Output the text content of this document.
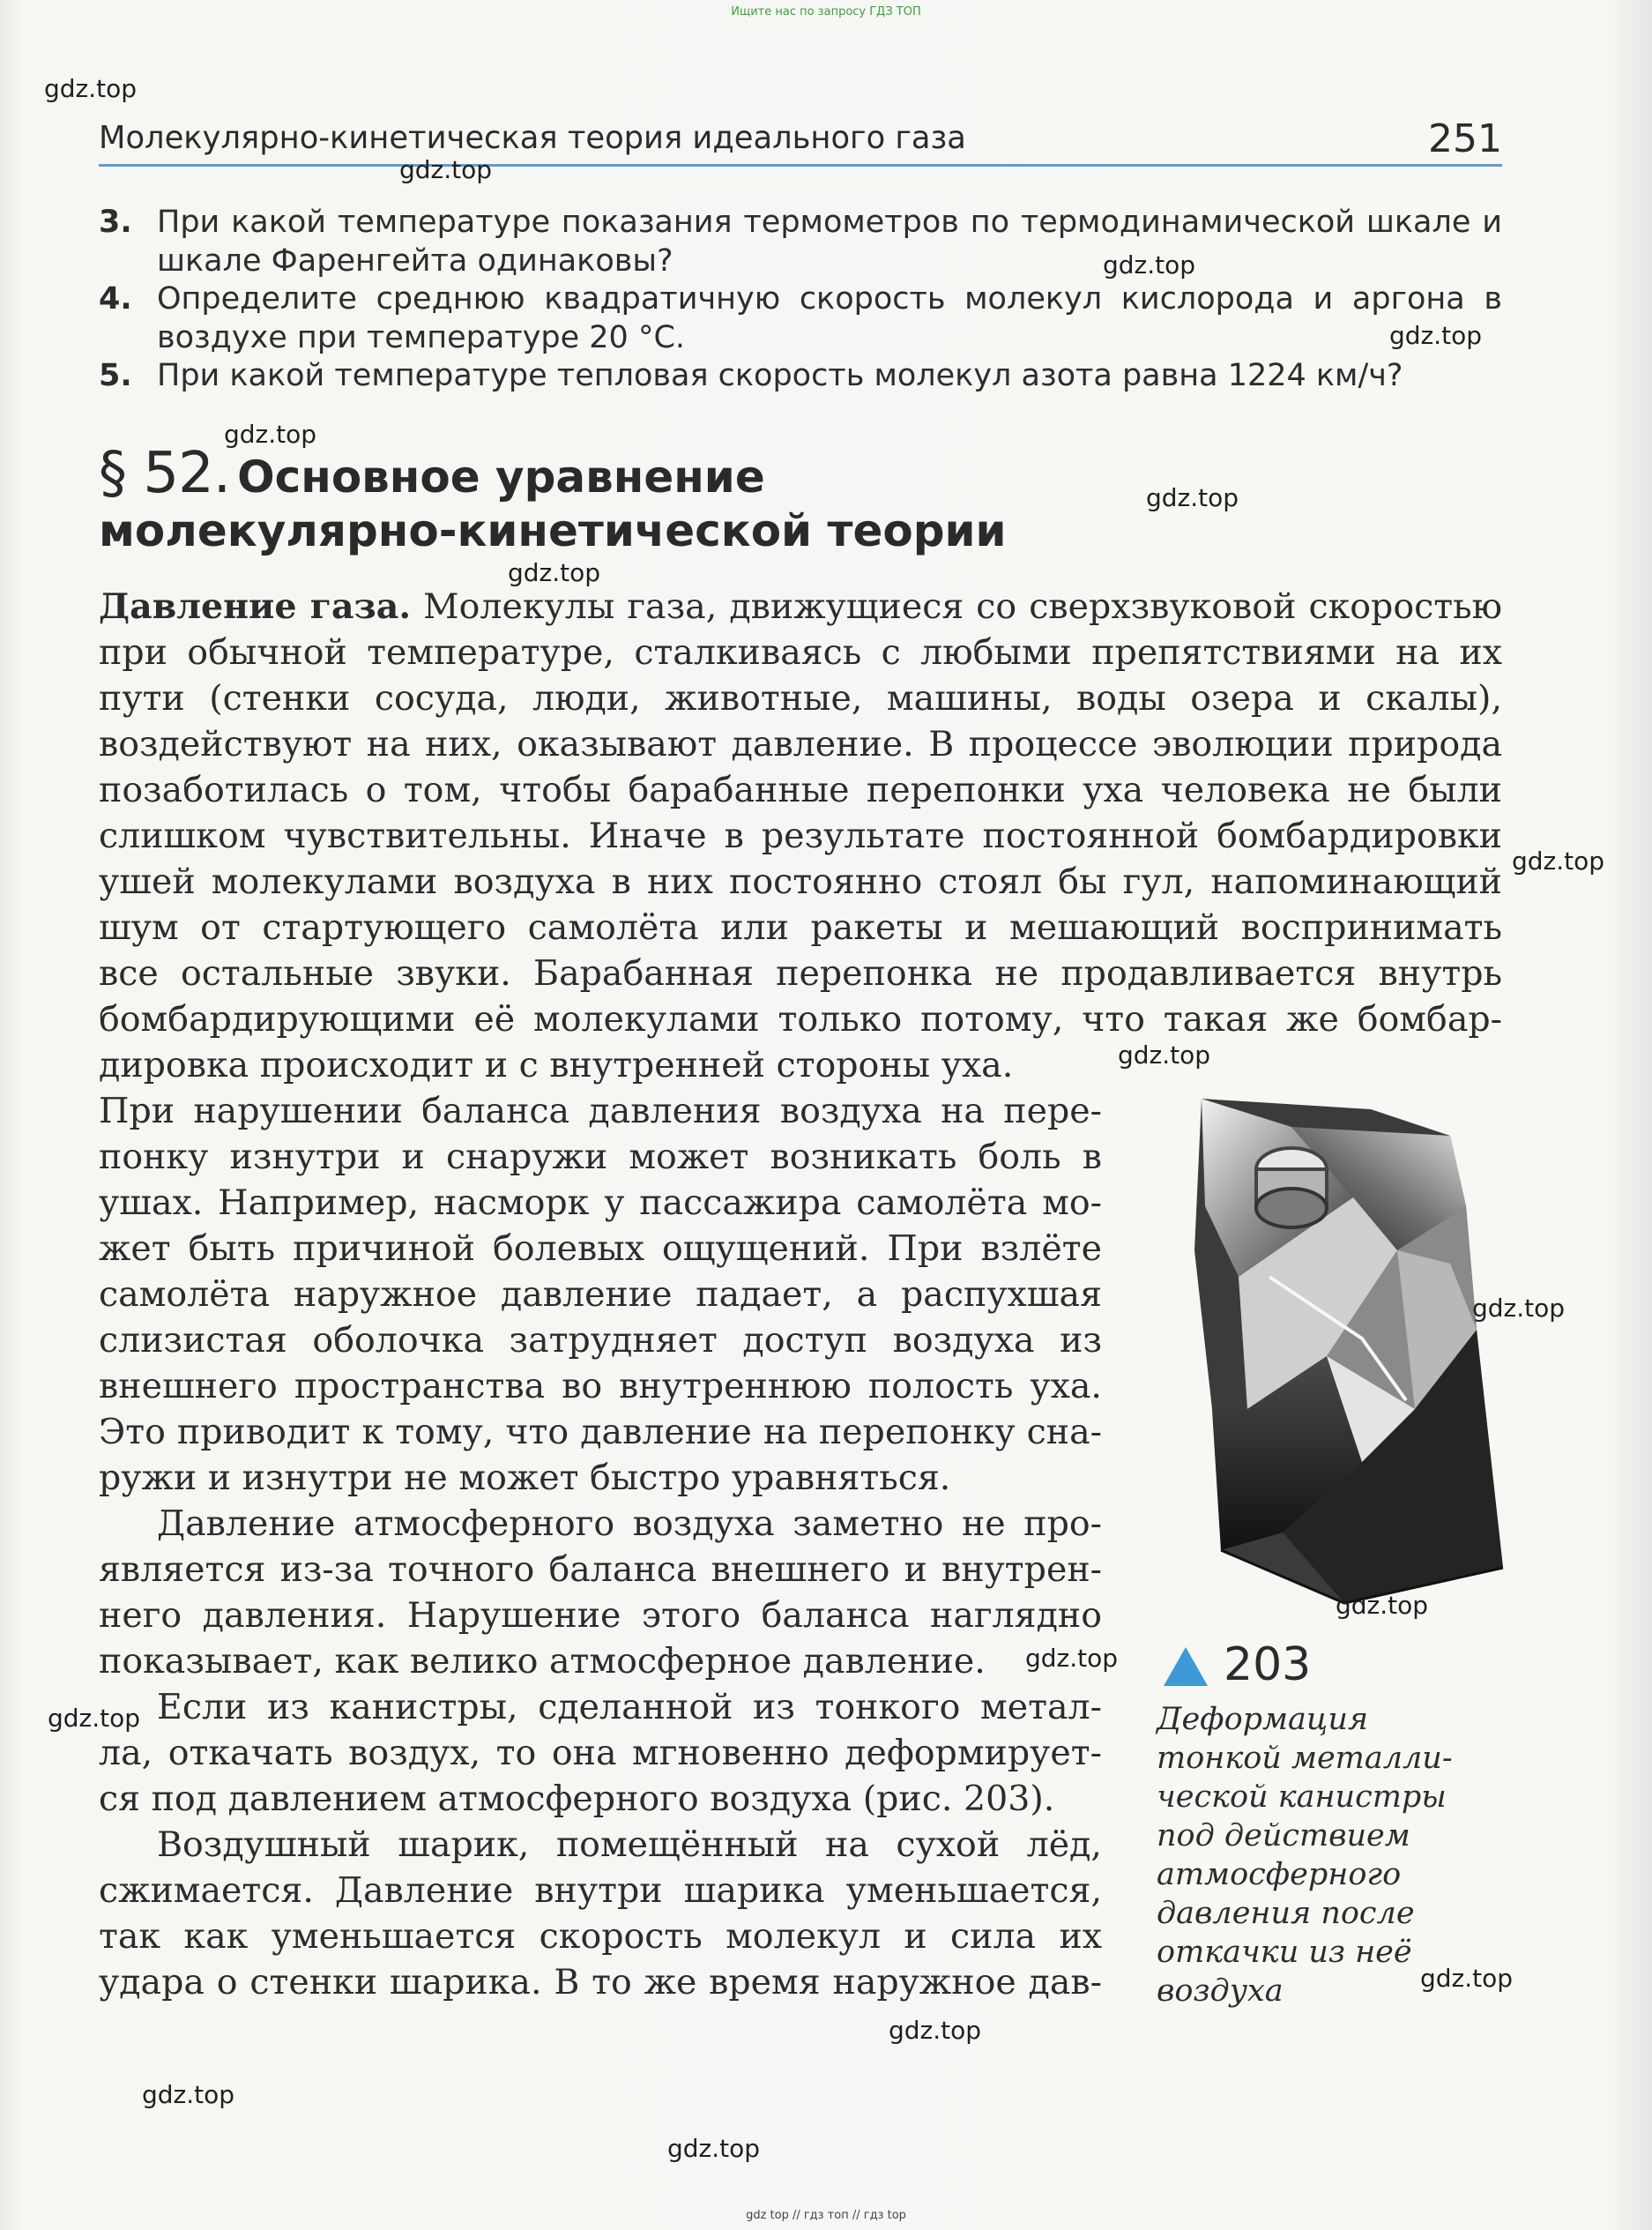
Ищите нас по запросу ГДЗ ТОП
Молекулярно-кинетическая теория идеального газа	251
3. При какой температуре показания термометров по термодинамической шкале и шкале Фаренгейта одинаковы?
4. Определите среднюю квадратичную скорость молекул кислорода и аргона в воздухе при температуре 20 °С.
5. При какой температуре тепловая скорость молекул азота равна 1224 км/ч?
§ 52. Основное уравнение
молекулярно-кинетической теории
Давление газа. Молекулы газа, движущиеся со сверхзвуковой скоростью
при обычной температуре, сталкиваясь с любыми препятствиями на их
пути (стенки сосуда, люди, животные, машины, воды озера и скалы),
воздействуют на них, оказывают давление. В процессе эволюции природа
позаботилась о том, чтобы барабанные перепонки уха человека не были
слишком чувствительны. Иначе в результате постоянной бомбардировки
ушей молекулами воздуха в них постоянно стоял бы гул, напоминающий
шум от стартующего самолёта или ракеты и мешающий воспринимать
все остальные звуки. Барабанная перепонка не продавливается внутрь
бомбардирующими её молекулами только потому, что такая же бомбар-
дировка происходит и с внутренней стороны уха.
При нарушении баланса давления воздуха на пере-
понку изнутри и снаружи может возникать боль в
ушах. Например, насморк у пассажира самолёта мо-
жет быть причиной болевых ощущений. При взлёте
самолёта наружное давление падает, а распухшая
слизистая оболочка затрудняет доступ воздуха из
внешнего пространства во внутреннюю полость уха.
Это приводит к тому, что давление на перепонку сна-
ружи и изнутри не может быстро уравняться.
Давление атмосферного воздуха заметно не про-
является из-за точного баланса внешнего и внутрен-
него давления. Нарушение этого баланса наглядно
показывает, как велико атмосферное давление.
Если из канистры, сделанной из тонкого метал-
ла, откачать воздух, то она мгновенно деформирует-
ся под давлением атмосферного воздуха (рис. 203).
Воздушный шарик, помещённый на сухой лёд,
сжимается. Давление внутри шарика уменьшается,
так как уменьшается скорость молекул и сила их
удара о стенки шарика. В то же время наружное дав-
203
Деформация
тонкой металли-
ческой канистры
под действием
атмосферного
давления после
откачки из неё
воздуха
gdz.top
gdz.top
gdz.top
gdz.top
gdz.top
gdz.top
gdz.top
gdz.top
gdz.top
gdz.top
gdz.top
gdz.top
gdz.top
gdz.top
gdz.top
gdz.top
gdz.top
gdz top // гдз топ // гдз top
